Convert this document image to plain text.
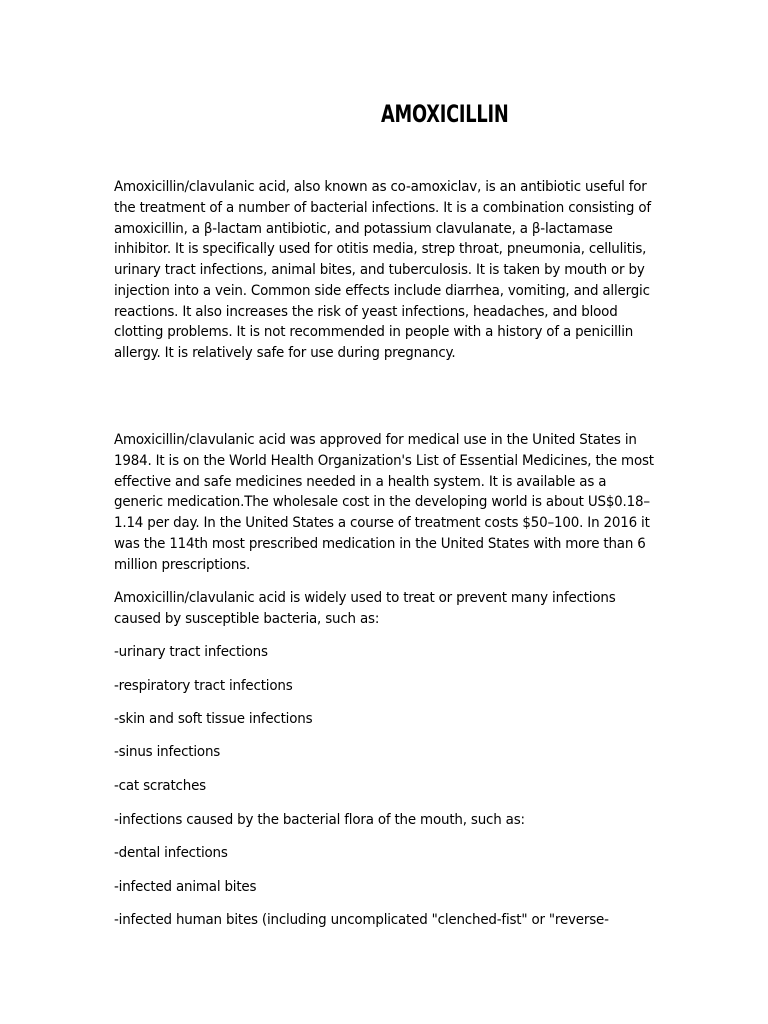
AMOXICILLIN

Amoxicillin/clavulanic acid, also known as co-amoxiclav, is an antibiotic useful for the treatment of a number of bacterial infections. It is a combination consisting of amoxicillin, a β-lactam antibiotic, and potassium clavulanate, a β-lactamase inhibitor. It is specifically used for otitis media, strep throat, pneumonia, cellulitis, urinary tract infections, animal bites, and tuberculosis. It is taken by mouth or by injection into a vein. Common side effects include diarrhea, vomiting, and allergic reactions. It also increases the risk of yeast infections, headaches, and blood clotting problems. It is not recommended in people with a history of a penicillin allergy. It is relatively safe for use during pregnancy.

Amoxicillin/clavulanic acid was approved for medical use in the United States in 1984. It is on the World Health Organization's List of Essential Medicines, the most effective and safe medicines needed in a health system. It is available as a generic medication.The wholesale cost in the developing world is about US$0.18–1.14 per day. In the United States a course of treatment costs $50–100. In 2016 it was the 114th most prescribed medication in the United States with more than 6 million prescriptions.

Amoxicillin/clavulanic acid is widely used to treat or prevent many infections caused by susceptible bacteria, such as:

-urinary tract infections

-respiratory tract infections

-skin and soft tissue infections

-sinus infections

-cat scratches

-infections caused by the bacterial flora of the mouth, such as:

-dental infections

-infected animal bites

-infected human bites (including uncomplicated "clenched-fist" or "reverse-
